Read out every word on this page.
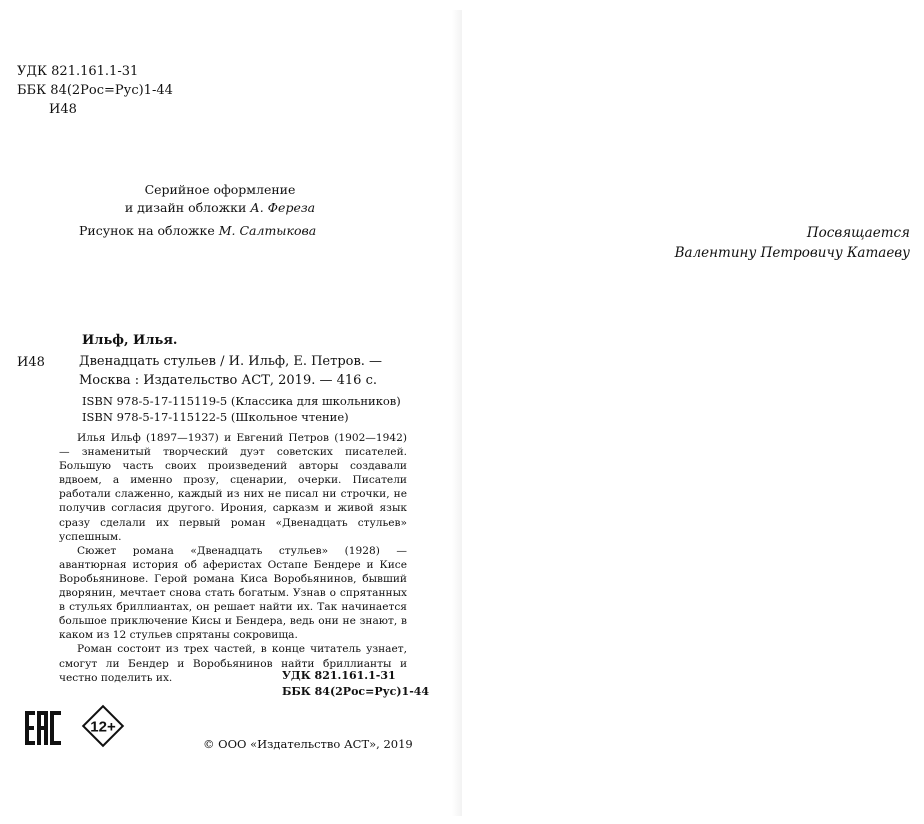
УДК 821.161.1-31
ББК 84(2Рос=Рус)1-44
И48
Серийное оформление
и дизайн обложки А. Фереза
Рисунок на обложке М. Салтыкова
Ильф, Илья.
И48	Двенадцать стульев / И. Ильф, Е. Петров. — Москва : Издательство АСТ, 2019. — 416 с.
ISBN 978-5-17-115119-5 (Классика для школьников)
ISBN 978-5-17-115122-5 (Школьное чтение)

Илья Ильф (1897—1937) и Евгений Петров (1902—1942) — знаменитый творческий дуэт советских писателей. Большую часть своих произведений авторы создавали вдвоем, а именно прозу, сценарии, очерки. Писатели работали слаженно, каждый из них не писал ни строчки, не получив согласия другого. Ирония, сарказм и живой язык сразу сделали их первый роман «Двенадцать стульев» успешным.

Сюжет романа «Двенадцать стульев» (1928) — авантюрная история об аферистах Остапе Бендере и Кисе Воробьянинове. Герой романа Киса Воробьянинов, бывший дворянин, мечтает снова стать богатым. Узнав о спрятанных в стульях бриллиантах, он решает найти их. Так начинается большое приключение Кисы и Бендера, ведь они не знают, в каком из 12 стульев спрятаны сокровища.

Роман состоит из трех частей, в конце читатель узнает, смогут ли Бендер и Воробьянинов найти бриллианты и честно поделить их.	УДК 821.161.1-31
ББК 84(2Рос=Рус)1-44
12+
© ООО «Издательство АСТ», 2019
Посвящается
Валентину Петровичу Катаеву
